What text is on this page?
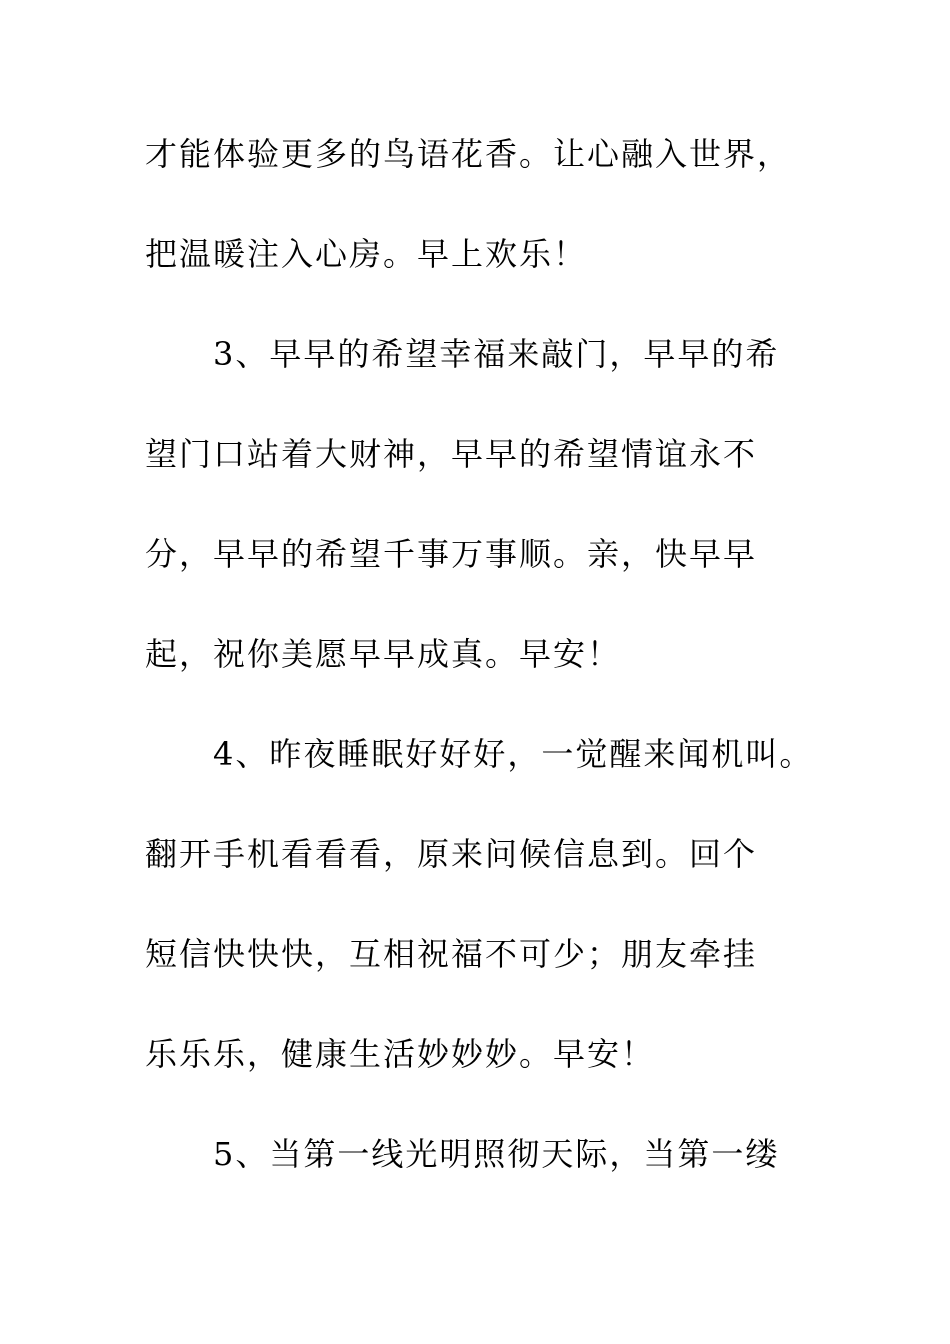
才能体验更多的鸟语花香。让心融入世界，
把温暖注入心房。早上欢乐！
3、早早的希望幸福来敲门，早早的希
望门口站着大财神，早早的希望情谊永不
分，早早的希望千事万事顺。亲，快早早
起，祝你美愿早早成真。早安！
4、昨夜睡眠好好好，一觉醒来闻机叫。
翻开手机看看看，原来问候信息到。回个
短信快快快，互相祝福不可少；朋友牵挂
乐乐乐，健康生活妙妙妙。早安！
5、当第一线光明照彻天际，当第一缕
